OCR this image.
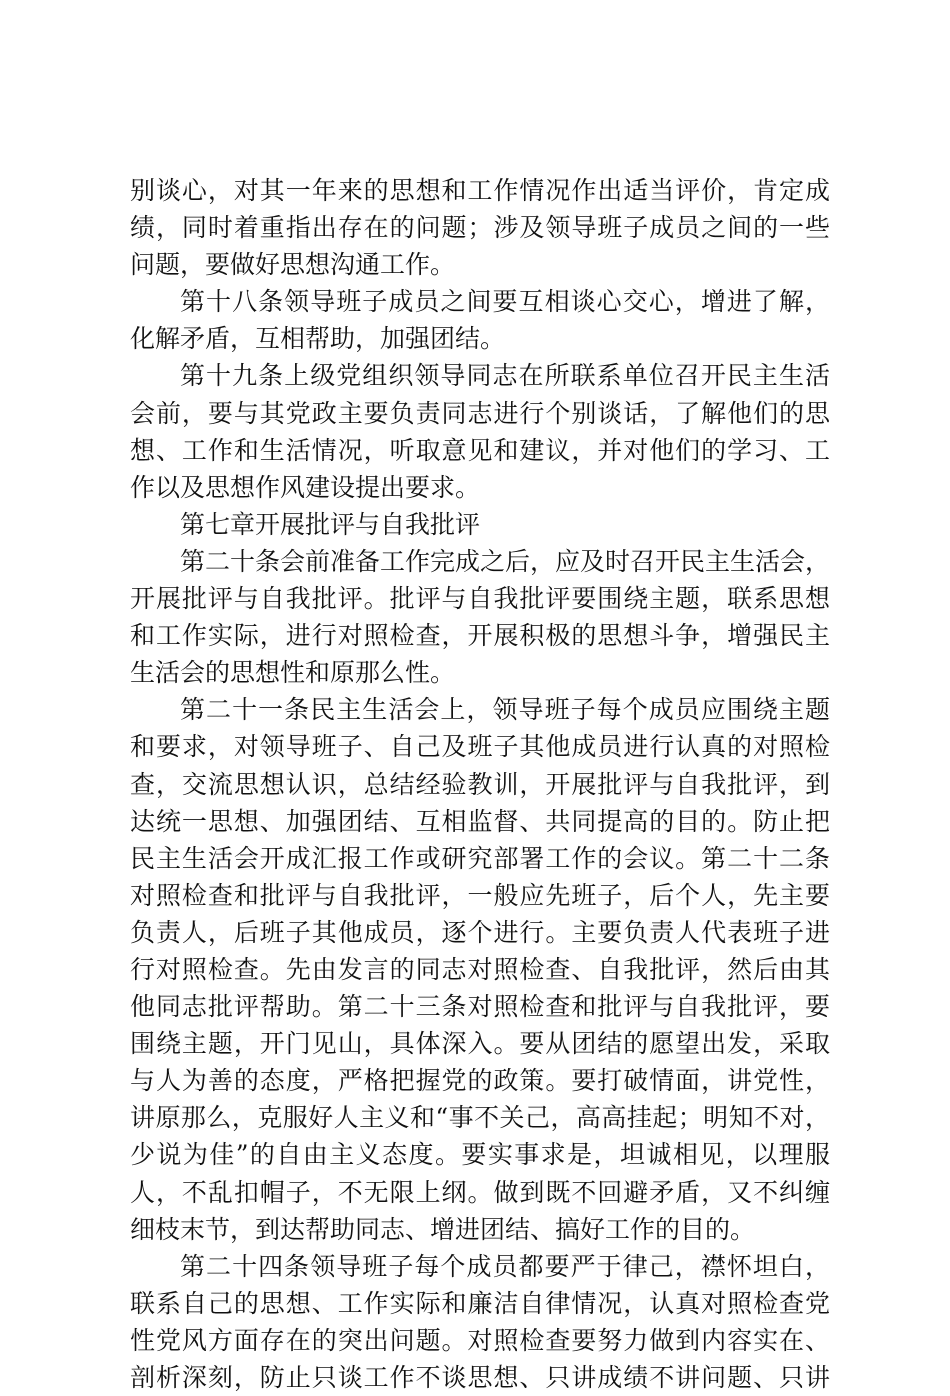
别谈心，对其一年来的思想和工作情况作出适当评价，肯定成
绩，同时着重指出存在的问题；涉及领导班子成员之间的一些
问题，要做好思想沟通工作。
第十八条领导班子成员之间要互相谈心交心，增进了解，
化解矛盾，互相帮助，加强团结。
第十九条上级党组织领导同志在所联系单位召开民主生活
会前，要与其党政主要负责同志进行个别谈话，了解他们的思
想、工作和生活情况，听取意见和建议，并对他们的学习、工
作以及思想作风建设提出要求。
第七章开展批评与自我批评
第二十条会前准备工作完成之后，应及时召开民主生活会，
开展批评与自我批评。批评与自我批评要围绕主题，联系思想
和工作实际，进行对照检查，开展积极的思想斗争，增强民主
生活会的思想性和原那么性。
第二十一条民主生活会上，领导班子每个成员应围绕主题
和要求，对领导班子、自己及班子其他成员进行认真的对照检
查，交流思想认识，总结经验教训，开展批评与自我批评，到
达统一思想、加强团结、互相监督、共同提高的目的。防止把
民主生活会开成汇报工作或研究部署工作的会议。第二十二条
对照检查和批评与自我批评，一般应先班子，后个人，先主要
负责人，后班子其他成员，逐个进行。主要负责人代表班子进
行对照检查。先由发言的同志对照检查、自我批评，然后由其
他同志批评帮助。第二十三条对照检查和批评与自我批评，要
围绕主题，开门见山，具体深入。要从团结的愿望出发，采取
与人为善的态度，严格把握党的政策。要打破情面，讲党性，
讲原那么，克服好人主义和“事不关己，高高挂起；明知不对，
少说为佳”的自由主义态度。要实事求是，坦诚相见，以理服
人，不乱扣帽子，不无限上纲。做到既不回避矛盾，又不纠缠
细枝末节，到达帮助同志、增进团结、搞好工作的目的。
第二十四条领导班子每个成员都要严于律己，襟怀坦白，
联系自己的思想、工作实际和廉洁自律情况，认真对照检查党
性党风方面存在的突出问题。对照检查要努力做到内容实在、
剖析深刻，防止只谈工作不谈思想、只讲成绩不讲问题、只讲
